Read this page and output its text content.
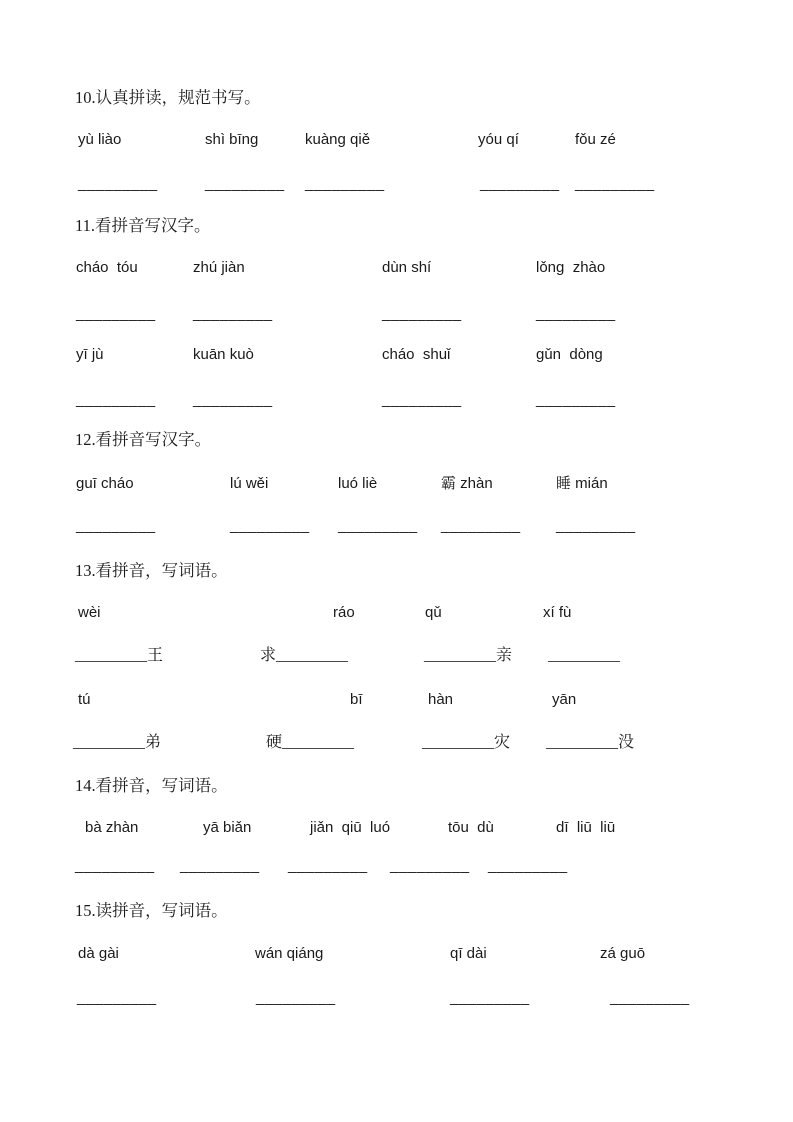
10.认真拼读，规范书写。
yù liào	shì bīng	kuàng qiě	yóu qí	fǒu zé
_________	_________ _________	_________ _________
11.看拼音写汉字。
cháo  tóu	zhú jiàn	dùn shí	lǒng  zhào
_________ _________	_________	_________
yī jù	kuān kuò	cháo  shuǐ	gǔn  dòng
_________ _________	_________	_________
12.看拼音写汉字。
guī cháo	lú wěi	luó liè	霸 zhàn	睡 mián
_________	_________ _________ _________ _________
13.看拼音，写词语。
wèi	ráo	qǔ	xí fù
_________王	求_________	_________亲 _________
tú	bī	hàn	yān
_________弟	硬_________	_________灾 _________没
14.看拼音，写词语。
bà zhàn	yā biǎn	jiǎn  qiū  luó	tōu  dù	dī  liū  liū
_________ _________ _________ _________ _________
15.读拼音，写词语。
dà gài	wán qiáng	qī dài	zá guō
_________	_________	_________	_________
